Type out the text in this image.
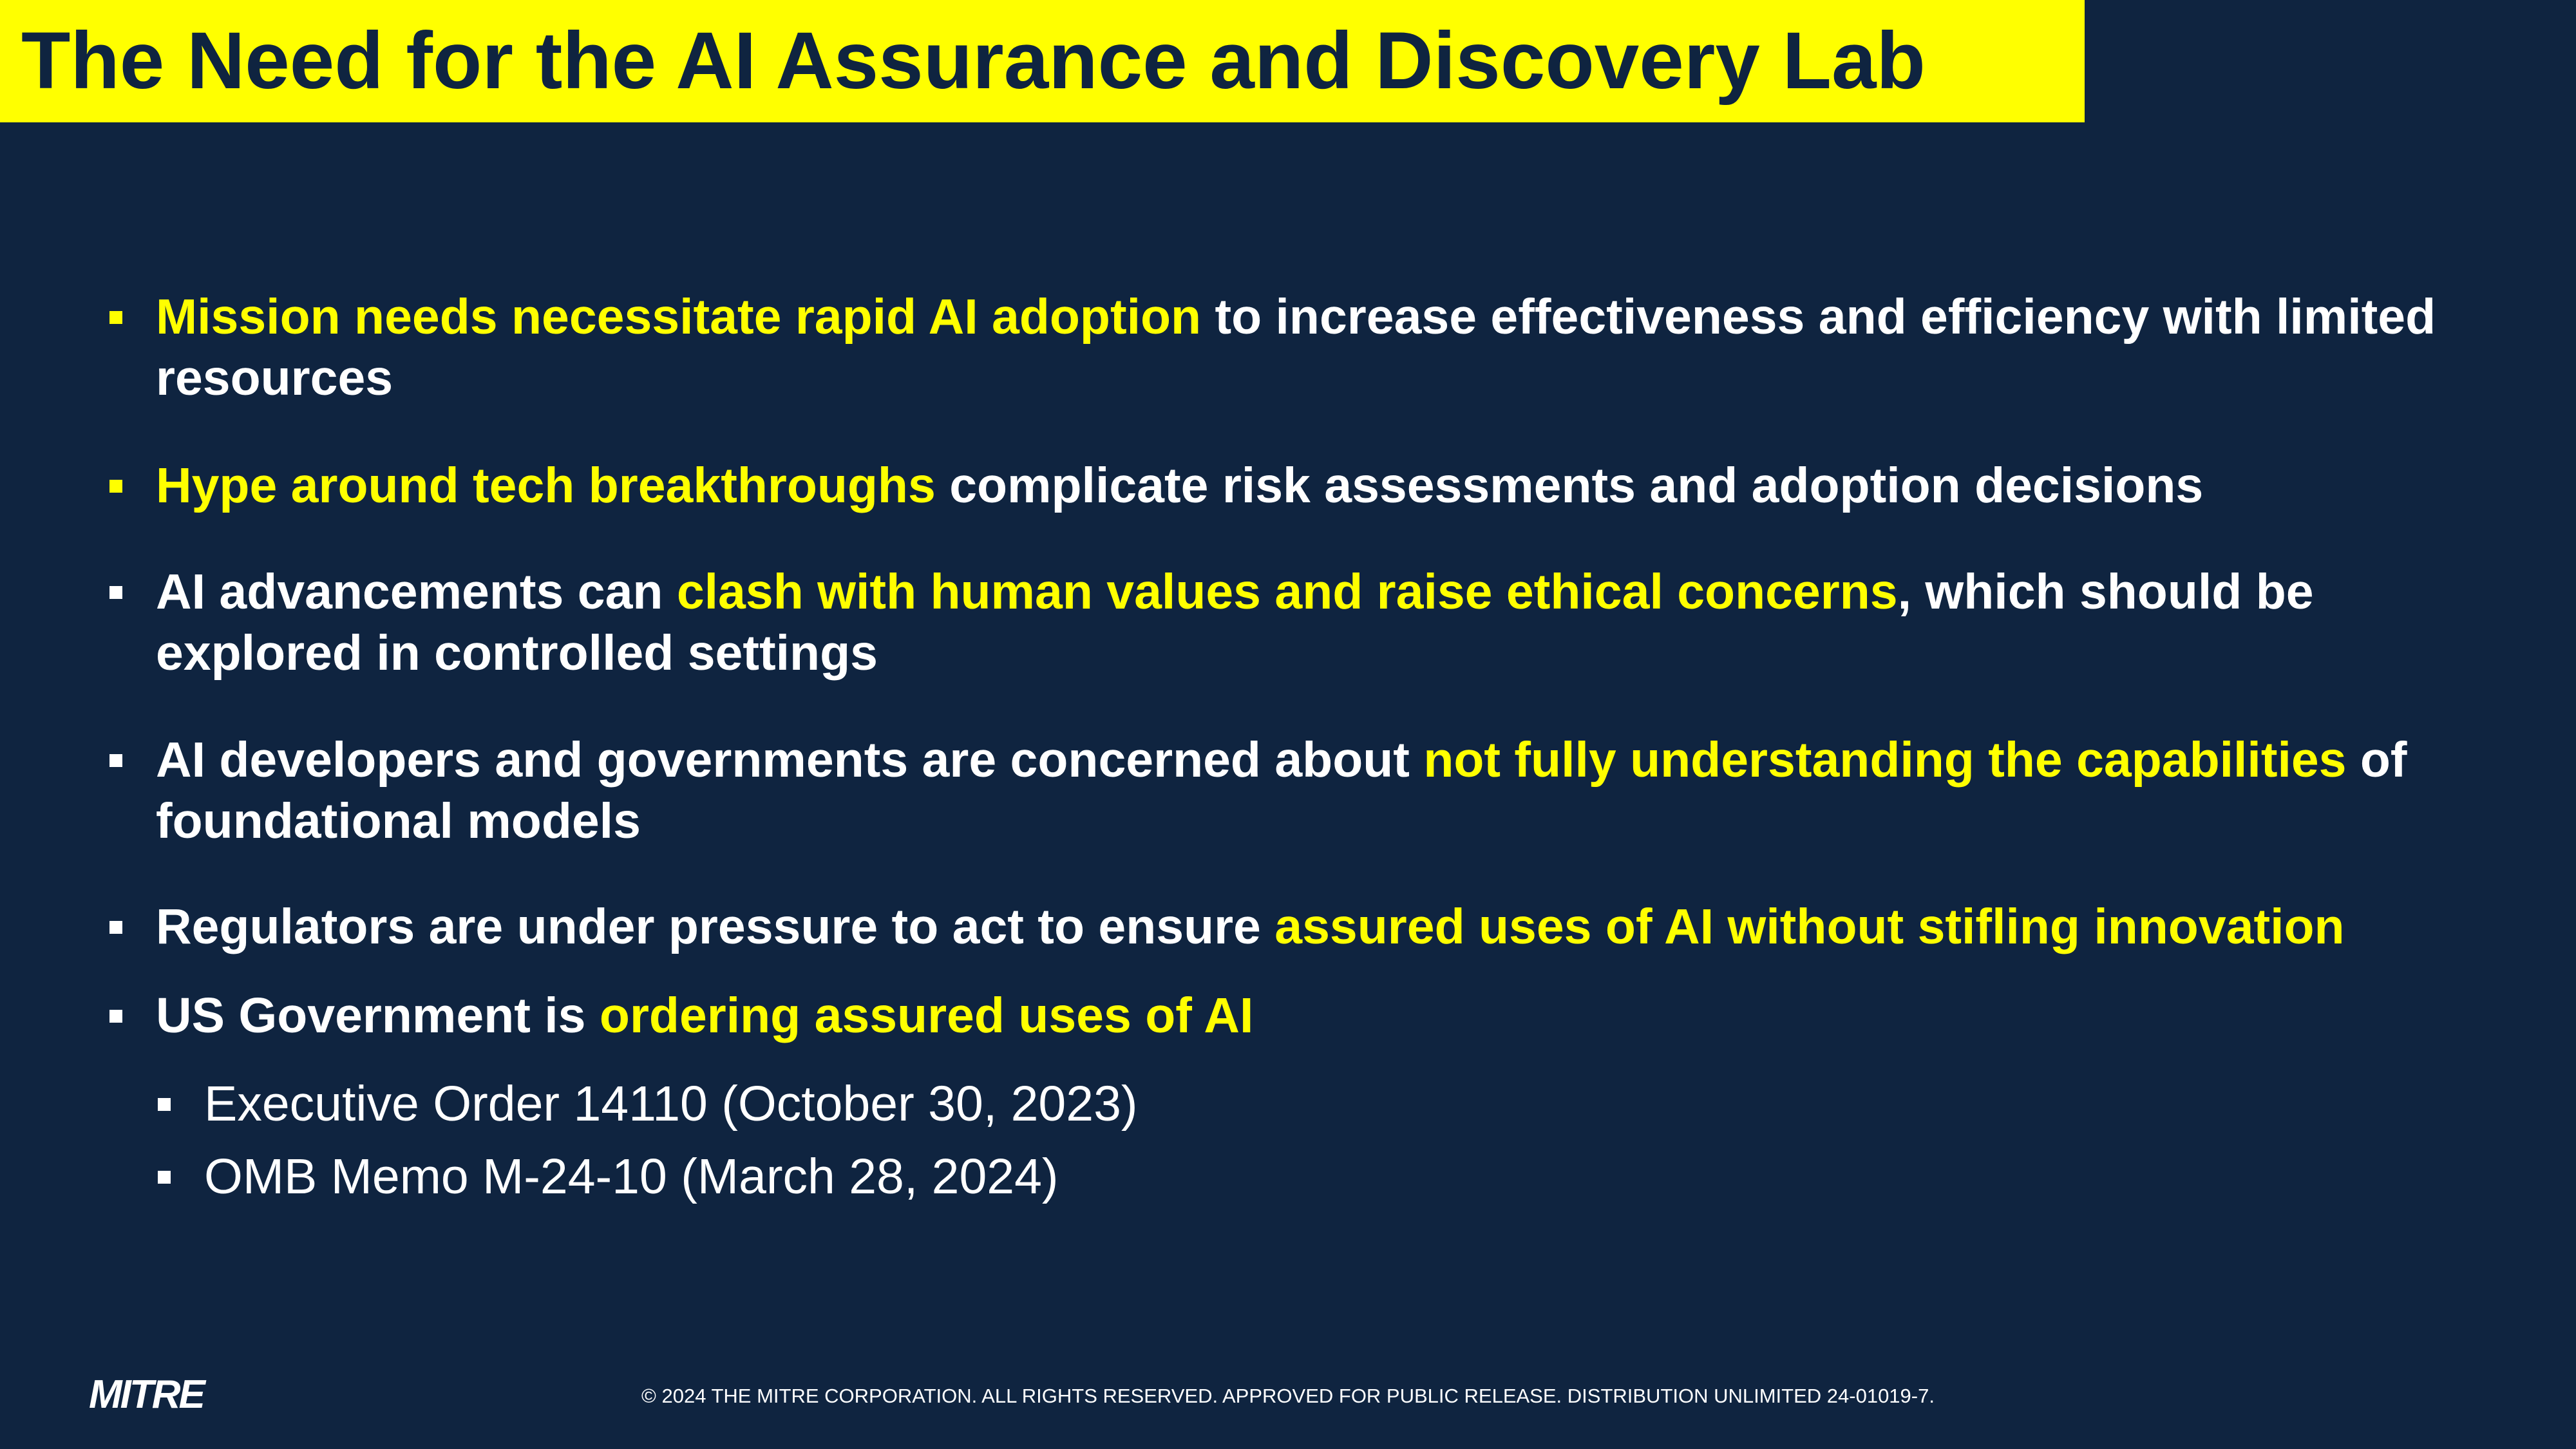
The Need for the AI Assurance and Discovery Lab
Mission needs necessitate rapid AI adoption to increase effectiveness and efficiency with limited resources
Hype around tech breakthroughs complicate risk assessments and adoption decisions
AI advancements can clash with human values and raise ethical concerns, which should be explored in controlled settings
AI developers and governments are concerned about not fully understanding the capabilities of foundational models
Regulators are under pressure to act to ensure assured uses of AI without stifling innovation
US Government is ordering assured uses of AI
Executive Order 14110 (October 30, 2023)
OMB Memo M-24-10 (March 28, 2024)
MITRE	© 2024 THE MITRE CORPORATION. ALL RIGHTS RESERVED. APPROVED FOR PUBLIC RELEASE. DISTRIBUTION UNLIMITED 24-01019-7.
